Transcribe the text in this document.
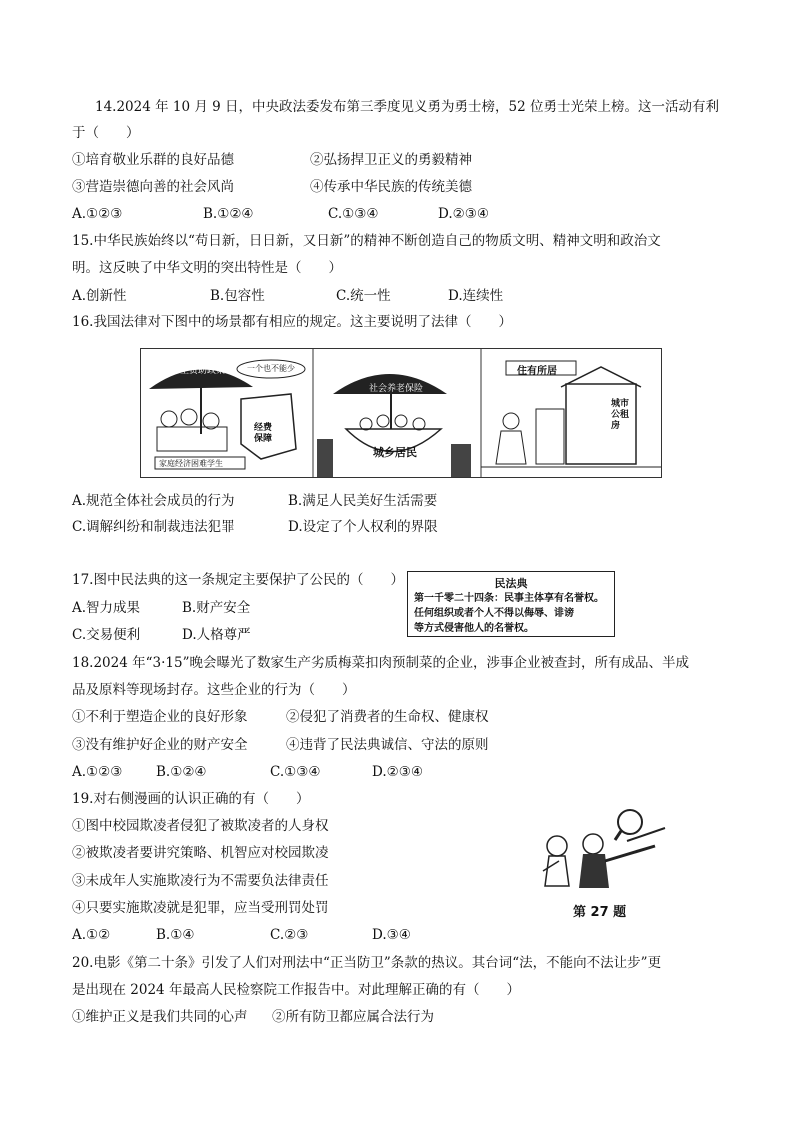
14.2024 年 10 月 9 日，中央政法委发布第三季度见义勇为勇士榜，52 位勇士光荣上榜。这一活动有利
于（　　）
①培育敬业乐群的良好品德	②弘扬捍卫正义的勇毅精神
③营造崇德向善的社会风尚	④传承中华民族的传统美德
A.①②③	B.①②④	C.①③④	D.②③④
15.中华民族始终以“苟日新，日日新，又日新”的精神不断创造自己的物质文明、精神文明和政治文
明。这反映了中华文明的突出特性是（　　）
A.创新性	B.包容性	C.统一性	D.连续性
16.我国法律对下图中的场景都有相应的规定。这主要说明了法律（　　）
学生资助政策	一个也不能少
经费保障
家庭经济困难学生
社会养老保险
城乡居民
住有所居
城市公租房
A.规范全体社会成员的行为	B.满足人民美好生活需要
C.调解纠纷和制裁违法犯罪	D.设定了个人权利的界限
17.图中民法典的这一条规定主要保护了公民的（　　）
A.智力成果	B.财产安全
C.交易便利	D.人格尊严
民法典
第一千零二十四条：民事主体享有名誉权。
任何组织或者个人不得以侮辱、诽谤
等方式侵害他人的名誉权。
18.2024 年“3·15”晚会曝光了数家生产劣质梅菜扣肉预制菜的企业，涉事企业被查封，所有成品、半成
品及原料等现场封存。这些企业的行为（　　）
①不利于塑造企业的良好形象	②侵犯了消费者的生命权、健康权
③没有维护好企业的财产安全	④违背了民法典诚信、守法的原则
A.①②③ B.①②④	C.①③④	D.②③④
19.对右侧漫画的认识正确的有（　　）
①图中校园欺凌者侵犯了被欺凌者的人身权
②被欺凌者要讲究策略、机智应对校园欺凌
③未成年人实施欺凌行为不需要负法律责任
④只要实施欺凌就是犯罪，应当受刑罚处罚
A.①②	B.①④	C.②③	D.③④
第 27 题
20.电影《第二十条》引发了人们对刑法中“正当防卫”条款的热议。其台词“法，不能向不法让步”更
是出现在 2024 年最高人民检察院工作报告中。对此理解正确的有（　　）
①维护正义是我们共同的心声 ②所有防卫都应属合法行为
